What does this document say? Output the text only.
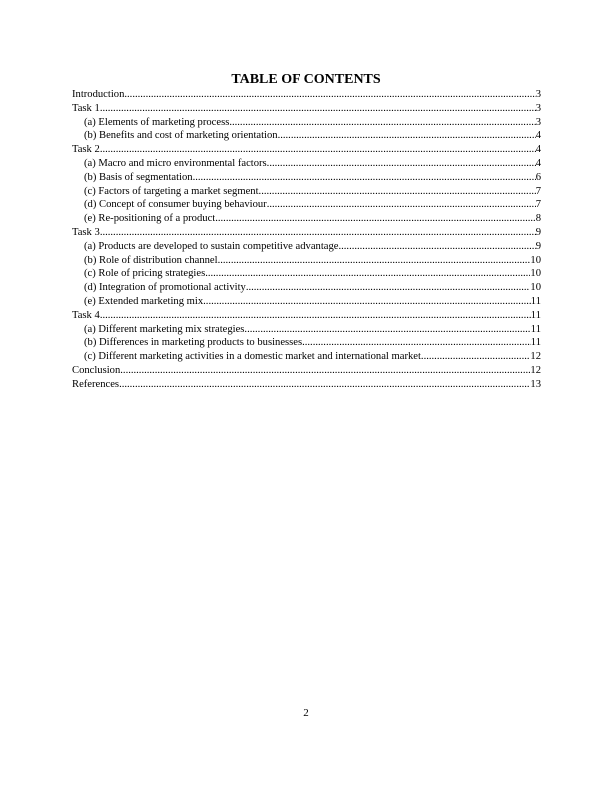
TABLE OF CONTENTS
Introduction .....	3
Task 1 .....	3
(a) Elements of marketing process .....	3
(b) Benefits and cost of marketing orientation .....	4
Task 2 .....	4
(a) Macro and micro environmental factors .....	4
(b) Basis of segmentation .....	6
(c) Factors of targeting a market segment .....	7
(d) Concept of consumer buying behaviour .....	7
(e) Re-positioning of a product .....	8
Task 3 .....	9
(a) Products are developed to sustain competitive advantage .....	9
(b) Role of distribution channel .....	10
(c) Role of pricing strategies .....	10
(d) Integration of promotional activity .....	10
(e) Extended marketing mix .....	11
Task 4 .....	11
(a) Different marketing mix strategies .....	11
(b) Differences in marketing products to businesses .....	11
(c) Different marketing activities in a domestic market and international market .....	12
Conclusion .....	12
References .....	13
2
